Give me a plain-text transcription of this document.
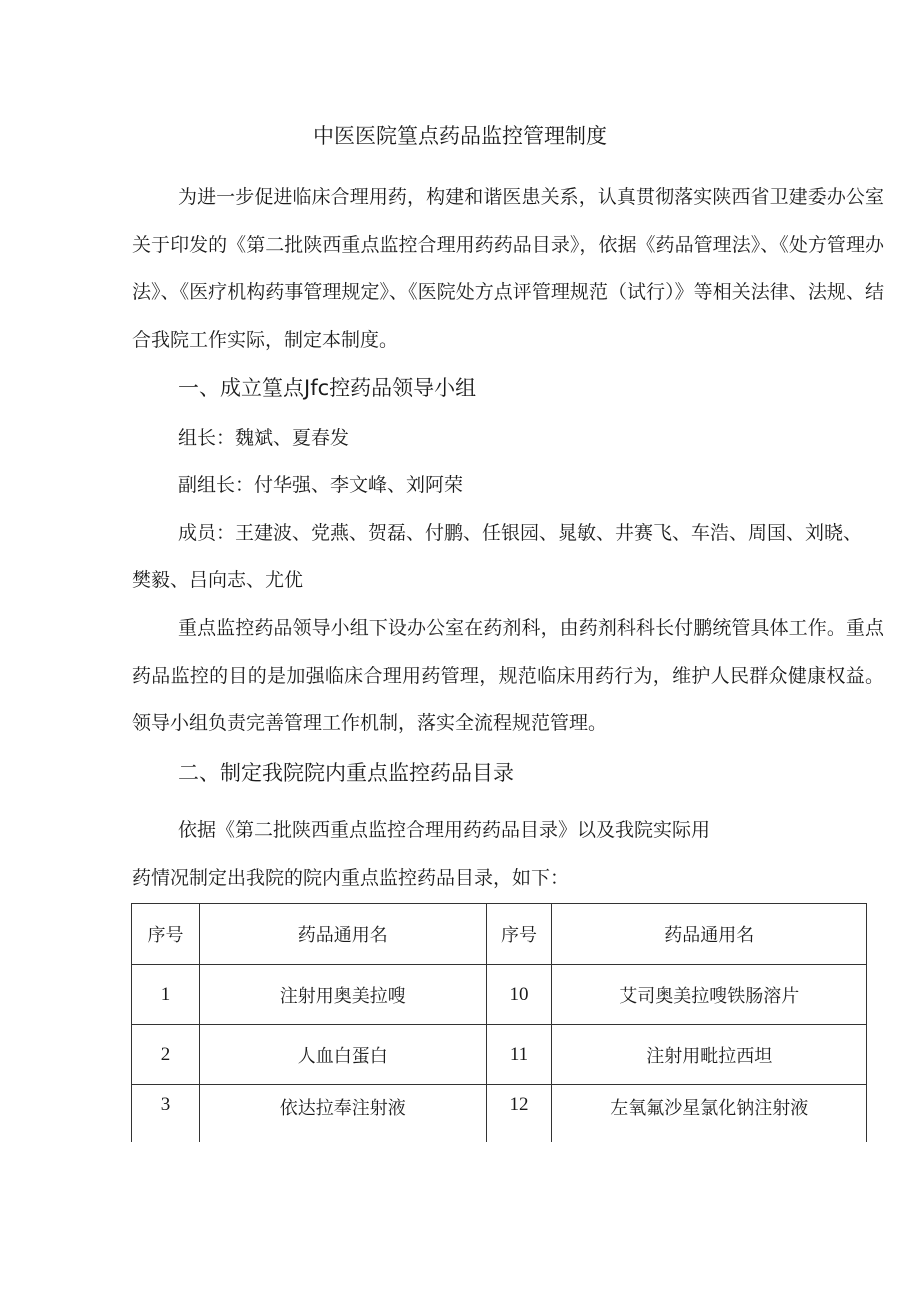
中医医院篁点药品监控管理制度
为进一步促进临床合理用药，构建和谐医患关系，认真贯彻落实陕西省卫建委办公室关于印发的《第二批陕西重点监控合理用药药品目录》，依据《药品管理法》、《处方管理办法》、《医疗机构药事管理规定》、《医院处方点评管理规范（试行）》等相关法律、法规、结合我院工作实际，制定本制度。
一、成立篁点Jfc控药品领导小组
组长：魏斌、夏春发
副组长：付华强、李文峰、刘阿荣
成员：王建波、党燕、贺磊、付鹏、任银园、晁敏、井赛飞、车浩、周国、刘晓、
樊毅、吕向志、尤优
重点监控药品领导小组下设办公室在药剂科，由药剂科科长付鹏统管具体工作。重点药品监控的目的是加强临床合理用药管理，规范临床用药行为，维护人民群众健康权益。领导小组负责完善管理工作机制，落实全流程规范管理。
二、制定我院院内重点监控药品目录
依据《第二批陕西重点监控合理用药药品目录》以及我院实际用
药情况制定出我院的院内重点监控药品目录，如下：
序号	药品通用名	序号	药品通用名
1	注射用奥美拉嗖	10	艾司奥美拉嗖铁肠溶片
2	人血白蛋白	11	注射用毗拉西坦
3	依达拉奉注射液	12	左氧氟沙星氯化钠注射液
